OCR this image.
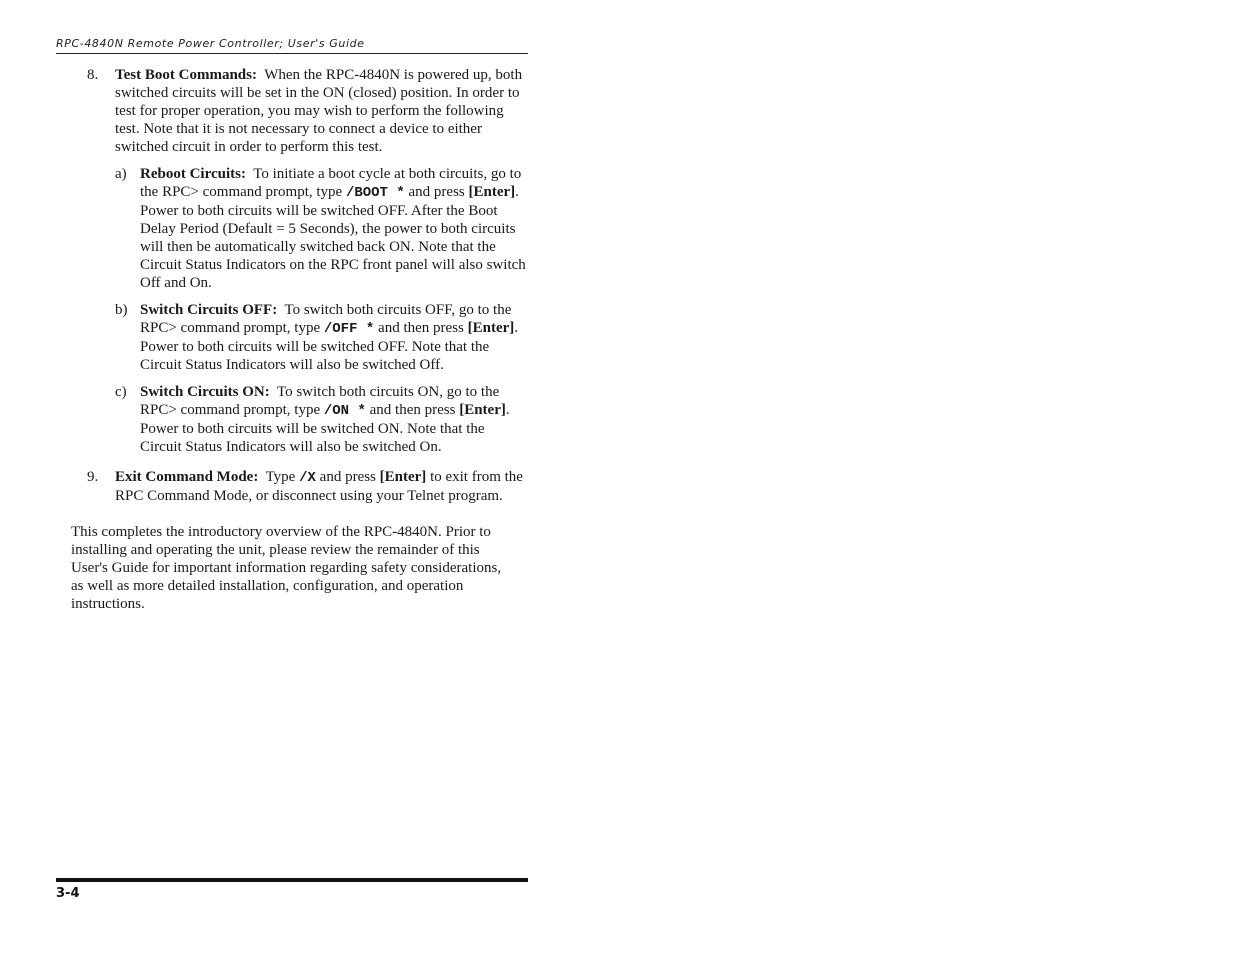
RPC-4840N Remote Power Controller; User's Guide
8. Test Boot Commands: When the RPC-4840N is powered up, both switched circuits will be set in the ON (closed) position. In order to test for proper operation, you may wish to perform the following test. Note that it is not necessary to connect a device to either switched circuit in order to perform this test.

a) Reboot Circuits: To initiate a boot cycle at both circuits, go to the RPC> command prompt, type /BOOT * and press [Enter]. Power to both circuits will be switched OFF. After the Boot Delay Period (Default = 5 Seconds), the power to both circuits will then be automatically switched back ON. Note that the Circuit Status Indicators on the RPC front panel will also switch Off and On.
b) Switch Circuits OFF: To switch both circuits OFF, go to the RPC> command prompt, type /OFF * and then press [Enter]. Power to both circuits will be switched OFF. Note that the Circuit Status Indicators will also be switched Off.
c) Switch Circuits ON: To switch both circuits ON, go to the RPC> command prompt, type /ON * and then press [Enter]. Power to both circuits will be switched ON. Note that the Circuit Status Indicators will also be switched On.
9. Exit Command Mode: Type /X and press [Enter] to exit from the RPC Command Mode, or disconnect using your Telnet program.
This completes the introductory overview of the RPC-4840N. Prior to installing and operating the unit, please review the remainder of this User's Guide for important information regarding safety considerations, as well as more detailed installation, configuration, and operation instructions.
3-4
